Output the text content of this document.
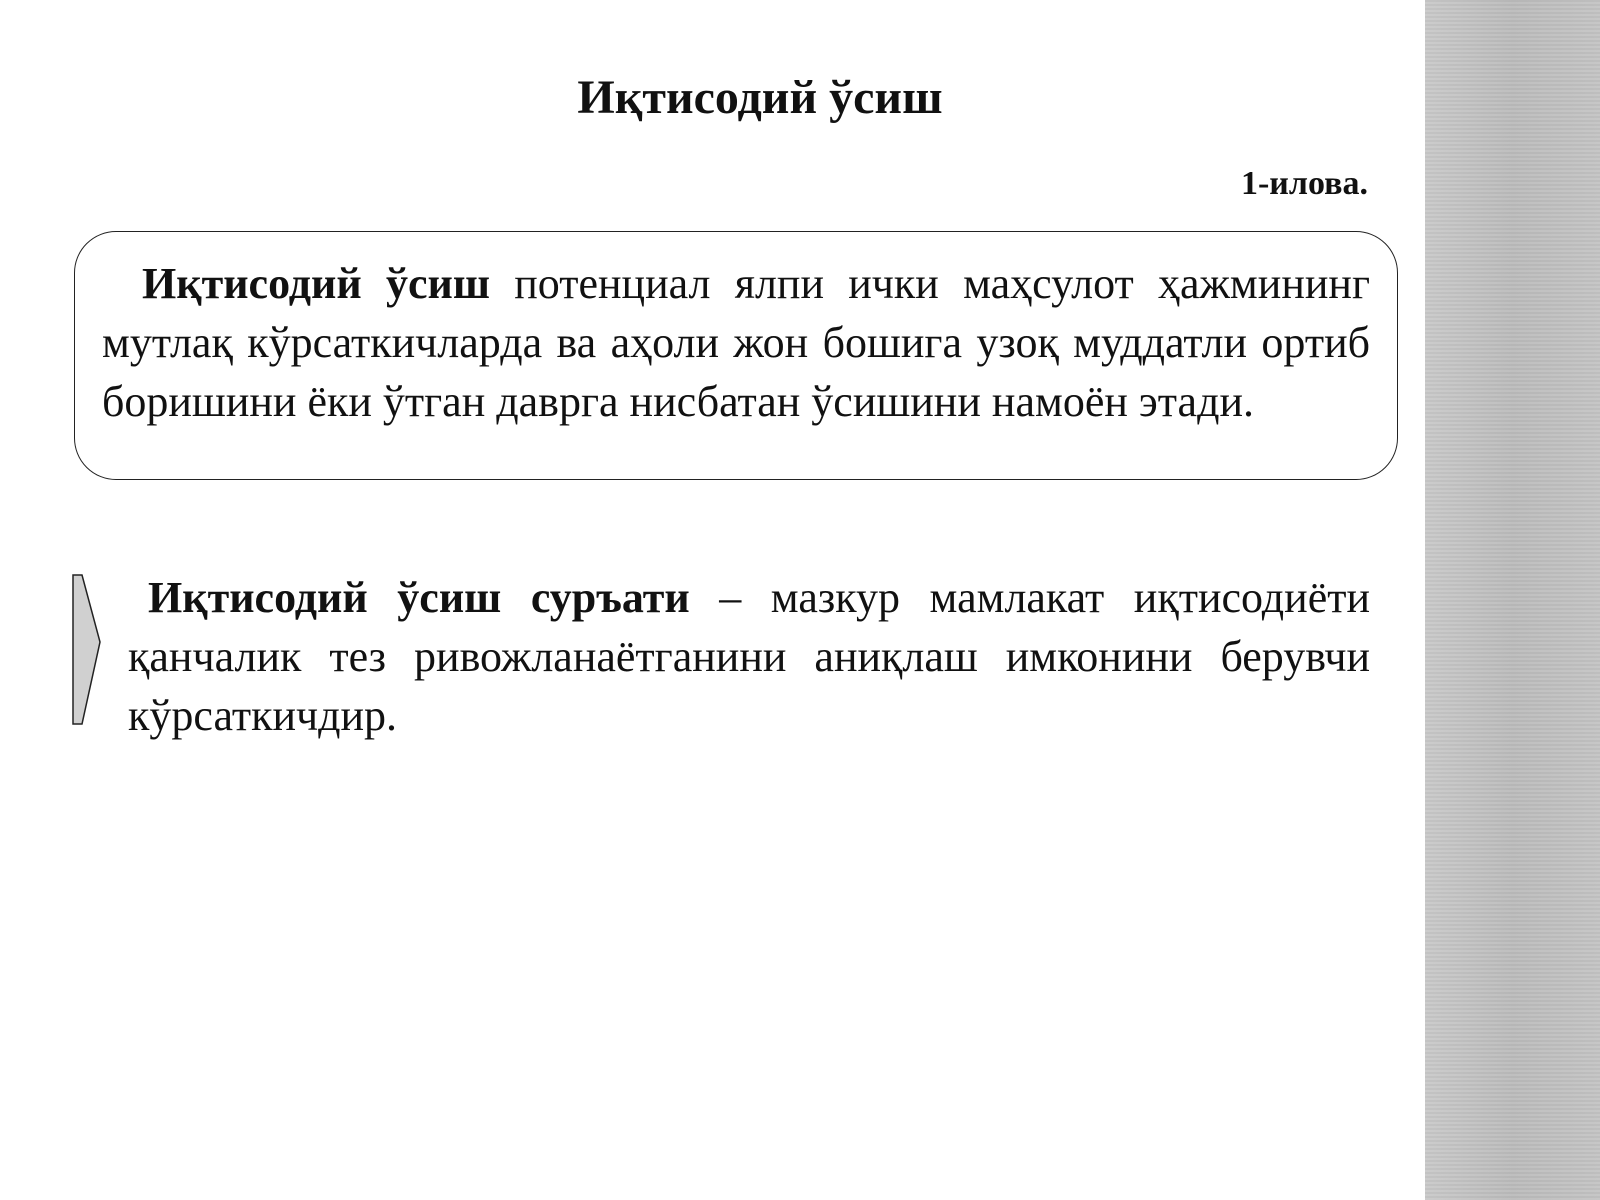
Иқтисодий ўсиш
1-илова.

Иқтисодий ўсиш потенциал ялпи ички маҳсулот ҳажмининг мутлақ кўрсаткичларда ва аҳоли жон бошига узоқ муддатли ортиб боришини ёки ўтган даврга нисбатан ўсишини намоён этади.

Иқтисодий ўсиш суръати – мазкур мамлакат иқтисодиёти қанчалик тез ривожланаётганини аниқлаш имконини берувчи кўрсаткичдир.
